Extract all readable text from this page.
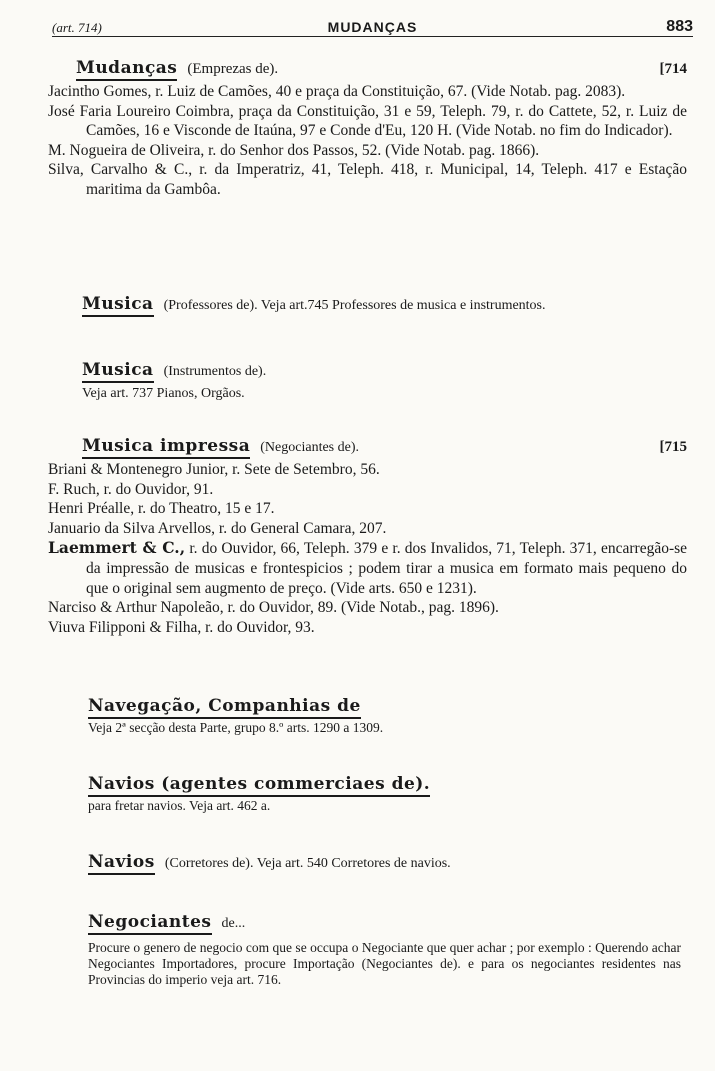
(art. 714)	MUDANÇAS	883
Mudanças (Emprezas de).	[714

Jacintho Gomes, r. Luiz de Camões, 40 e praça da Constituição, 67. (Vide Notab. pag. 2083).

José Faria Loureiro Coimbra, praça da Constituição, 31 e 59, Teleph. 79, r. do Cattete, 52, r. Luiz de Camões, 16 e Visconde de Itaúna, 97 e Conde d'Eu, 120 H. (Vide Notab. no fim do Indicador).

M. Nogueira de Oliveira, r. do Senhor dos Passos, 52. (Vide Notab. pag. 1866).

Silva, Carvalho & C., r. da Imperatriz, 41, Teleph. 418, r. Municipal, 14, Teleph. 417 e Estação maritima da Gambôa.

Musica (Professores de). Veja art.745 Professores de musica e instrumentos.
Musica (Instrumentos de).
Veja art. 737 Pianos, Orgãos.
Musica impressa (Negociantes de).	[715

Briani & Montenegro Junior, r. Sete de Setembro, 56.

F. Ruch, r. do Ouvidor, 91.

Henri Préalle, r. do Theatro, 15 e 17.

Januario da Silva Arvellos, r. do General Camara, 207.

Laemmert & C., r. do Ouvidor, 66, Teleph. 379 e r. dos Invalidos, 71, Teleph. 371, encarregão-se da impressão de musicas e frontespicios ; podem tirar a musica em formato mais pequeno do que o original sem augmento de preço. (Vide arts. 650 e 1231).

Narciso & Arthur Napoleão, r. do Ouvidor, 89. (Vide Notab., pag. 1896).

Viuva Filipponi & Filha, r. do Ouvidor, 93.

Navegação, Companhias de
Veja 2ª secção desta Parte, grupo 8.º arts. 1290 a 1309.
Navios (agentes commerciaes de).
para fretar navios. Veja art. 462 a.
Navios (Corretores de). Veja art. 540 Corretores de navios.
Negociantes de...

Procure o genero de negocio com que se occupa o Negociante que quer achar ; por exemplo : Querendo achar Negociantes Importadores, procure Importação (Negociantes de). e para os negociantes residentes nas Provincias do imperio veja art. 716.
